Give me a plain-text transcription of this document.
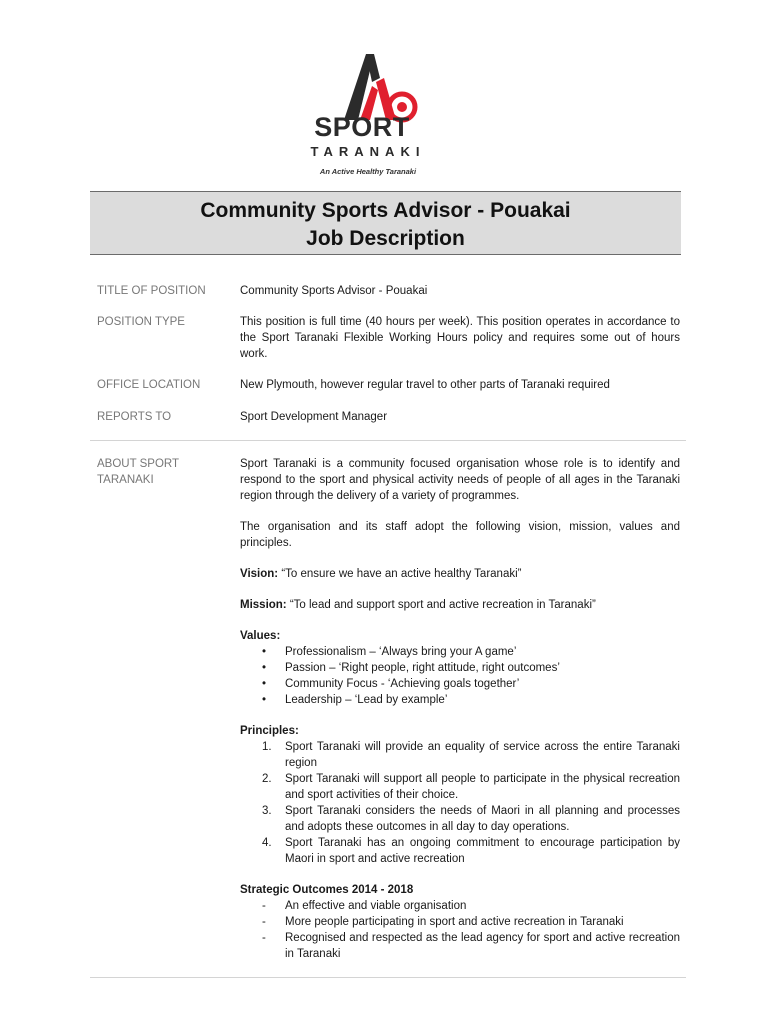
SPORT
TARANAKI
An Active Healthy Taranaki
Community Sports Advisor - Pouakai
Job Description
TITLE OF POSITION	Community Sports Advisor - Pouakai
POSITION TYPE	This position is full time (40 hours per week). This position operates in accordance to the Sport Taranaki Flexible Working Hours policy and requires some out of hours work.
OFFICE LOCATION	New Plymouth, however regular travel to other parts of Taranaki required
REPORTS TO	Sport Development Manager
ABOUT SPORT
TARANAKI

Sport Taranaki is a community focused organisation whose role is to identify and respond to the sport and physical activity needs of people of all ages in the Taranaki region through the delivery of a variety of programmes.

The organisation and its staff adopt the following vision, mission, values and principles.

Vision: “To ensure we have an active healthy Taranaki”

Mission: “To lead and support sport and active recreation in Taranaki”

Values:
•	Professionalism – ‘Always bring your A game’
•	Passion – ‘Right people, right attitude, right outcomes’
•	Community Focus - ‘Achieving goals together’
•	Leadership – ‘Lead by example’
Principles:
1.	Sport Taranaki will provide an equality of service across the entire Taranaki region
2.	Sport Taranaki will support all people to participate in the physical recreation and sport activities of their choice.
3.	Sport Taranaki considers the needs of Maori in all planning and processes and adopts these outcomes in all day to day operations.
4.	Sport Taranaki has an ongoing commitment to encourage participation by Maori in sport and active recreation
Strategic Outcomes 2014 - 2018
-	An effective and viable organisation
-	More people participating in sport and active recreation in Taranaki
-	Recognised and respected as the lead agency for sport and active recreation in Taranaki
